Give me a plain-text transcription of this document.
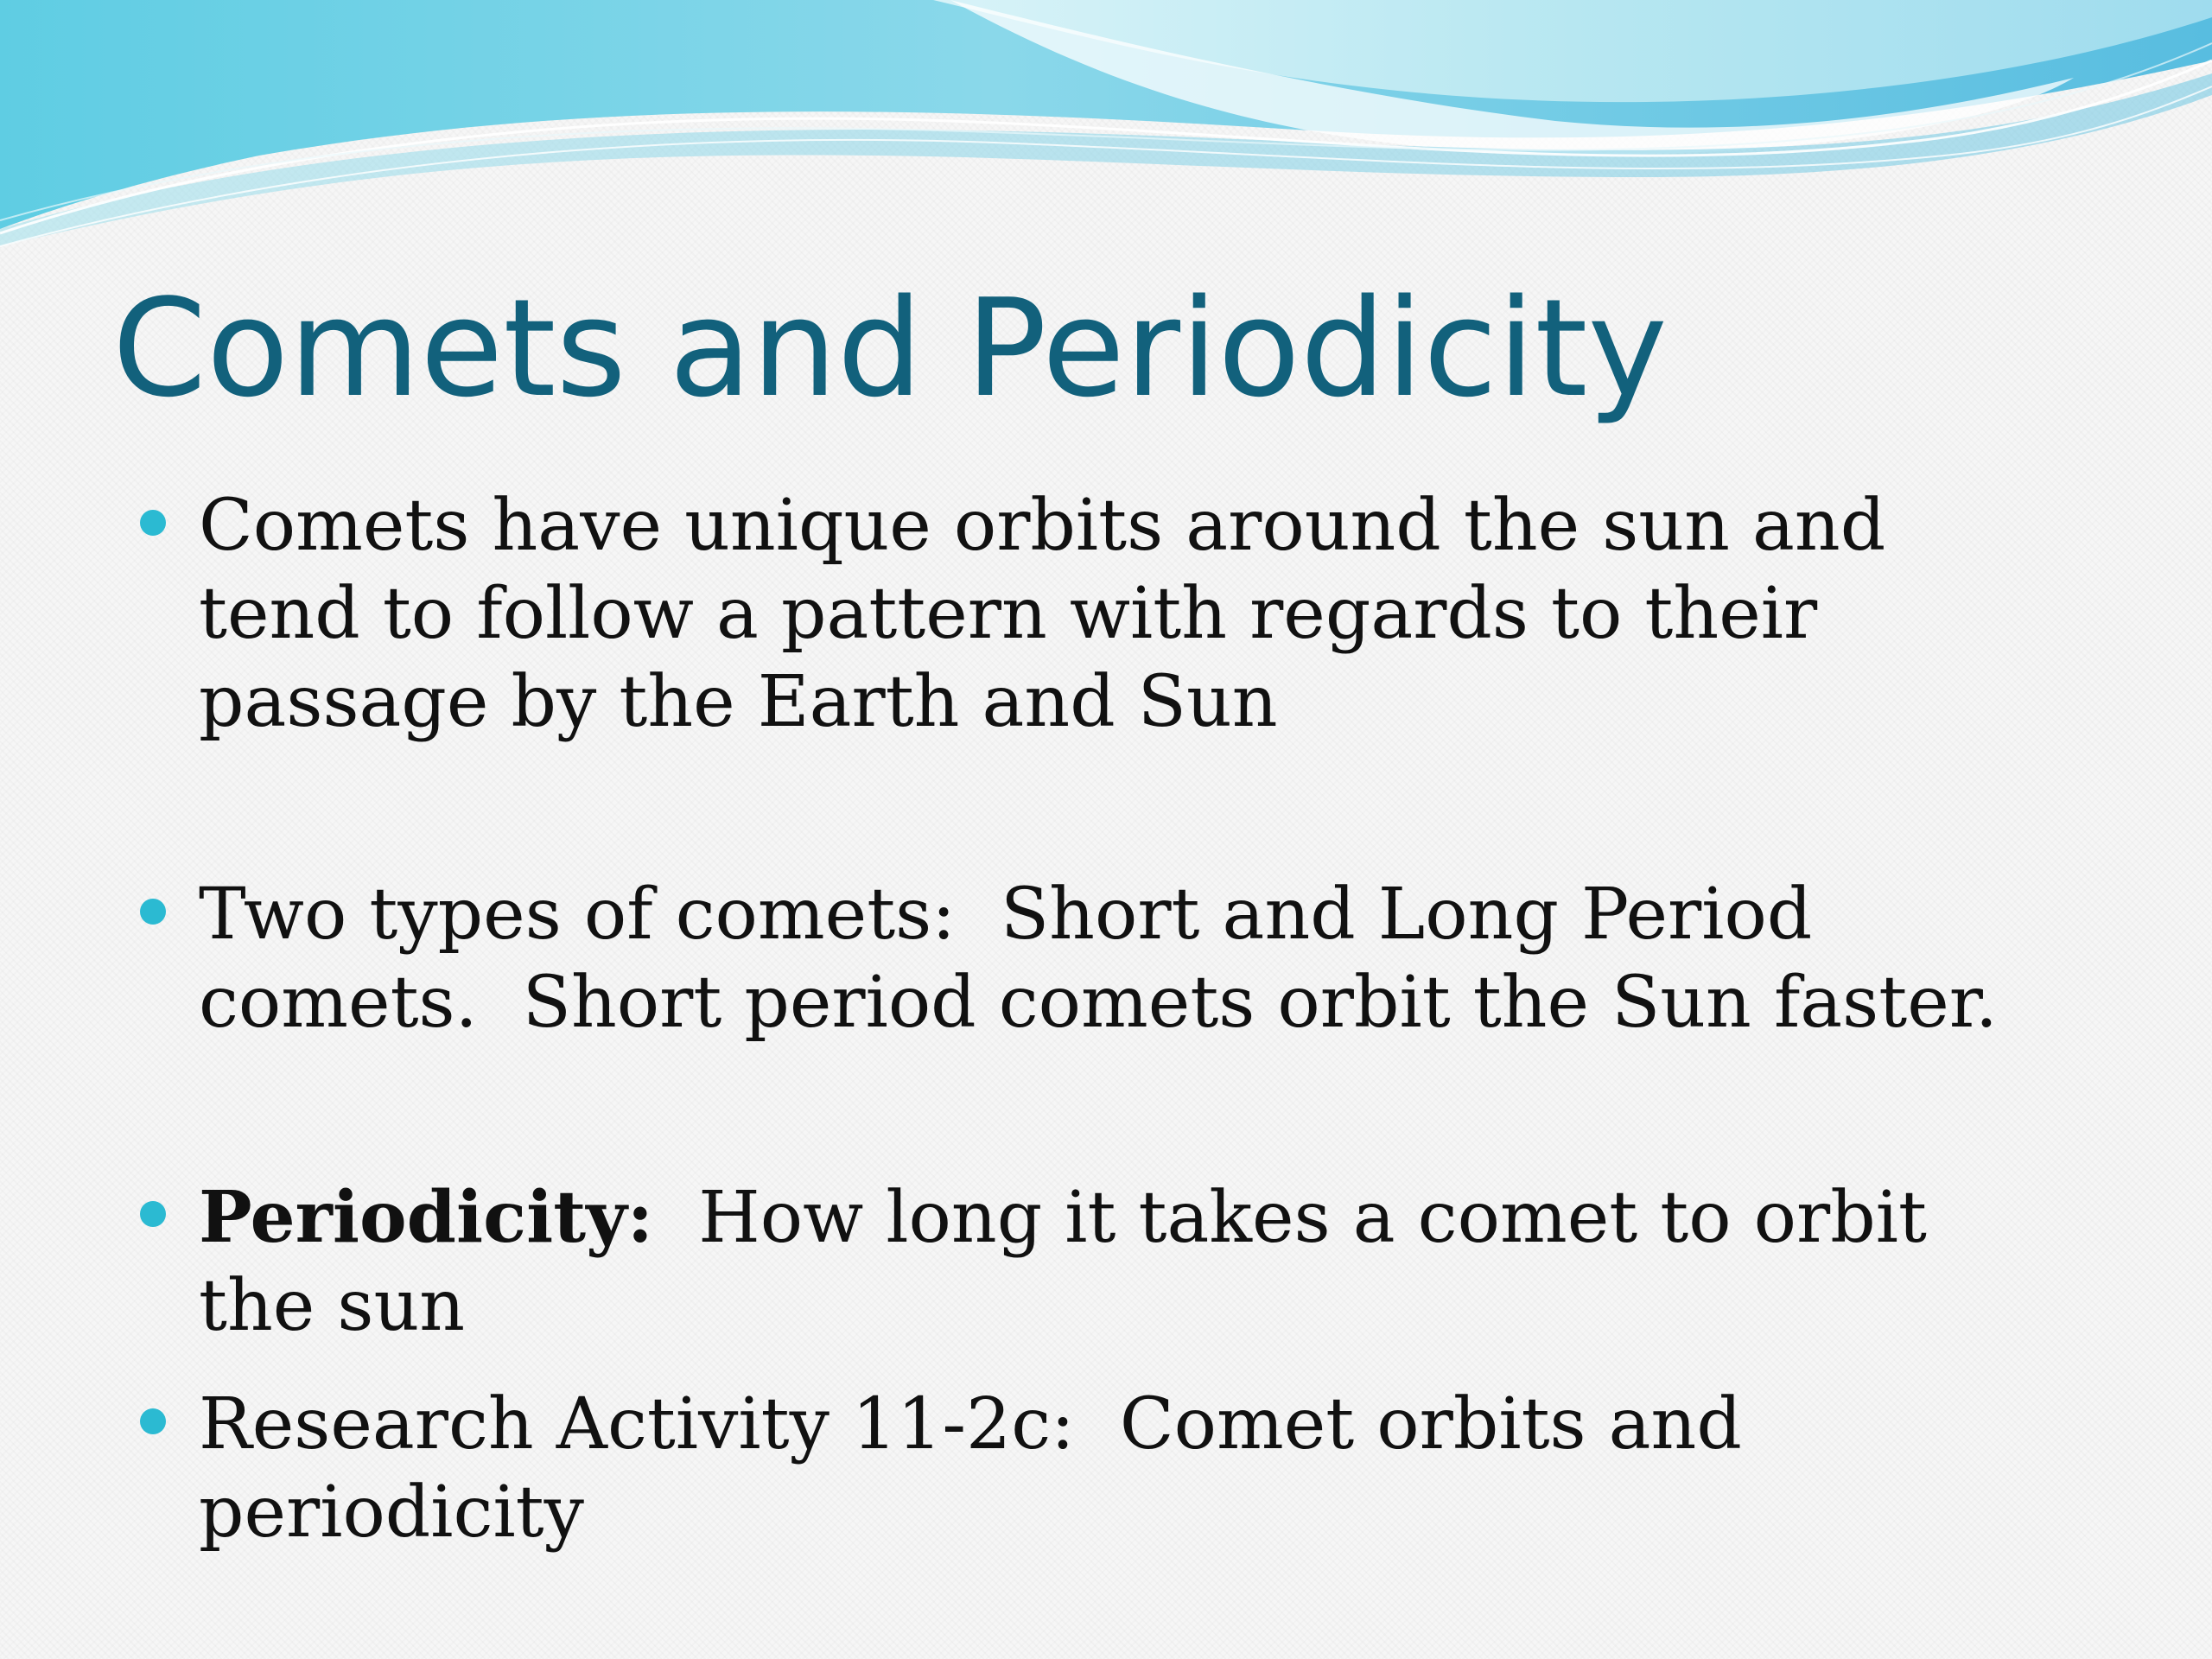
Comets and Periodicity

Comets have unique orbits around the sun and tend to follow a pattern with regards to their passage by the Earth and Sun

Two types of comets:  Short and Long Period comets.  Short period comets orbit the Sun faster.

Periodicity: How long it takes a comet to orbit the sun

Research Activity 11-2c:  Comet orbits and periodicity
